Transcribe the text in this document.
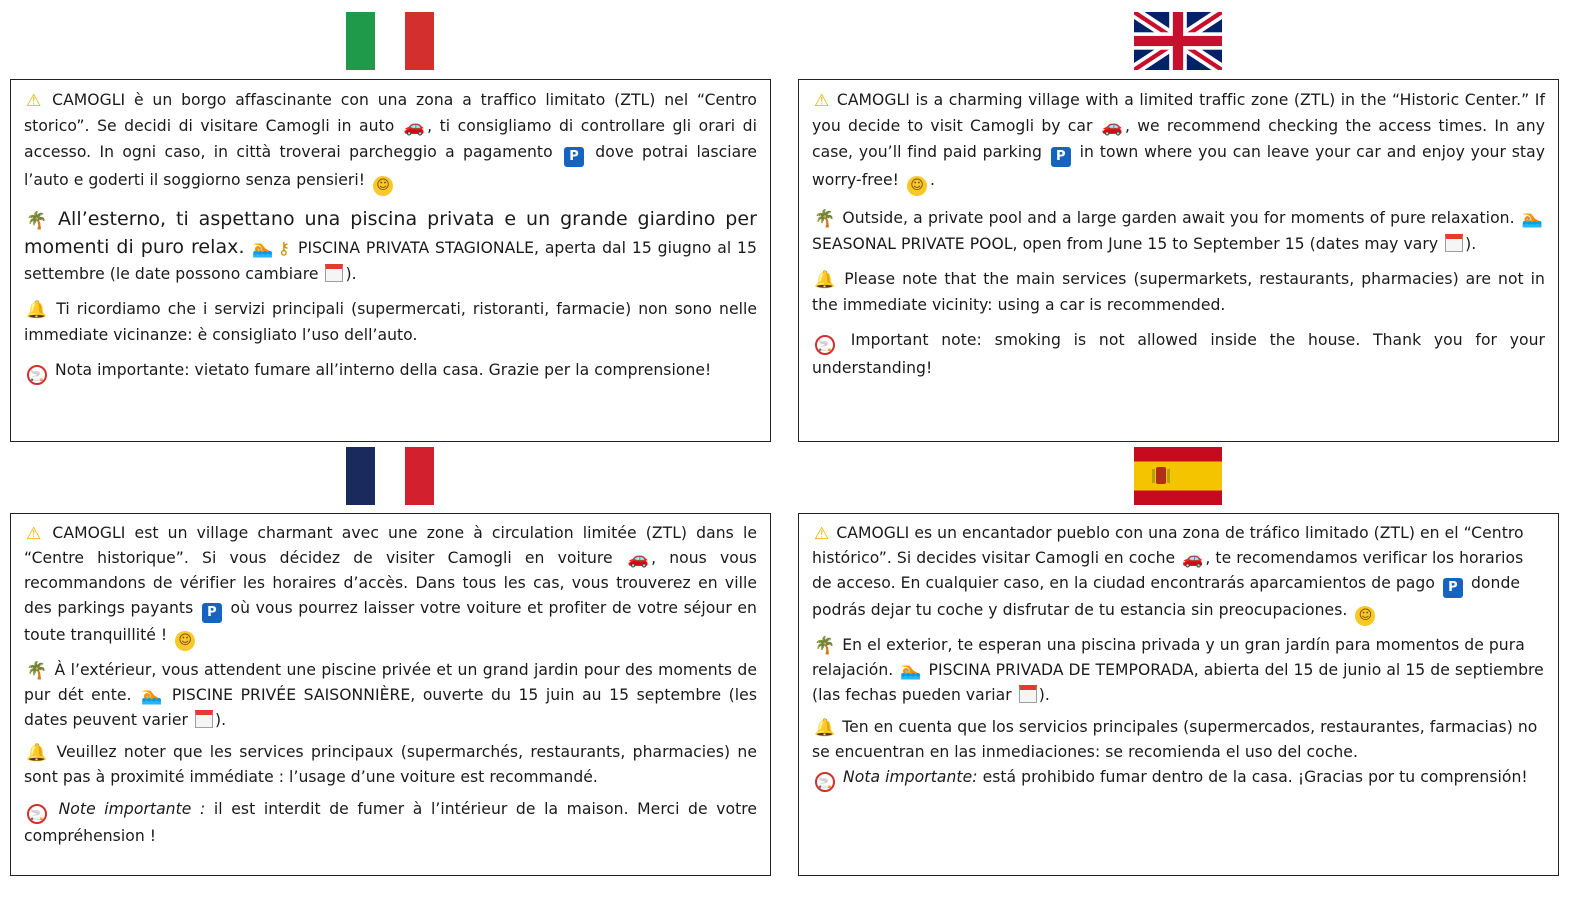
⚠ CAMOGLI è un borgo affascinante con una zona a traffico limitato (ZTL) nel “Centro storico”. Se decidi di visitare Camogli in auto 🚗 , ti consigliamo di controllare gli orari di accesso. In ogni caso, in città troverai parcheggio a pagamento P dove potrai lasciare l’auto e goderti il soggiorno senza pensieri! ☺

🌴 All’esterno, ti aspettano una piscina privata e un grande giardino per momenti di puro relax. 🏊 ⚷ PISCINA PRIVATA STAGIONALE, aperta dal 15 giugno al 15 settembre (le date possono cambiare ).

🔔 Ti ricordiamo che i servizi principali (supermercati, ristoranti, farmacie) non sono nelle immediate vicinanze: è consigliato l’uso dell’auto.

🚬 Nota importante: vietato fumare all’interno della casa. Grazie per la comprensione!

⚠ CAMOGLI is a charming village with a limited traffic zone (ZTL) in the “Historic Center.” If you decide to visit Camogli by car 🚗 , we recommend checking the access times. In any case, you’ll find paid parking P in town where you can leave your car and enjoy your stay worry-free! ☺ .

🌴 Outside, a private pool and a large garden await you for moments of pure relaxation. 🏊 SEASONAL PRIVATE POOL, open from June 15 to September 15 (dates may vary ).

🔔 Please note that the main services (supermarkets, restaurants, pharmacies) are not in the immediate vicinity: using a car is recommended.

🚬 Important note: smoking is not allowed inside the house. Thank you for your understanding!

⚠ CAMOGLI est un village charmant avec une zone à circulation limitée (ZTL) dans le “Centre historique”. Si vous décidez de visiter Camogli en voiture 🚗 , nous vous recommandons de vérifier les horaires d’accès. Dans tous les cas, vous trouverez en ville des parkings payants P où vous pourrez laisser votre voiture et profiter de votre séjour en toute tranquillité ! ☺

🌴 À l’extérieur, vous attendent une piscine privée et un grand jardin pour des moments de pur dét ente. 🏊 PISCINE PRIVÉE SAISONNIÈRE, ouverte du 15 juin au 15 septembre (les dates peuvent varier ).

🔔 Veuillez noter que les services principaux (supermarchés, restaurants, pharmacies) ne sont pas à proximité immédiate : l’usage d’une voiture est recommandé.

🚬 Note importante : il est interdit de fumer à l’intérieur de la maison. Merci de votre compréhension !

⚠ CAMOGLI es un encantador pueblo con una zona de tráfico limitado (ZTL) en el “Centro histórico”. Si decides visitar Camogli en coche 🚗 , te recomendamos verificar los horarios de acceso. En cualquier caso, en la ciudad encontrarás aparcamientos de pago P donde podrás dejar tu coche y disfrutar de tu estancia sin preocupaciones. ☺

🌴 En el exterior, te esperan una piscina privada y un gran jardín para momentos de pura relajación. 🏊 PISCINA PRIVADA DE TEMPORADA, abierta del 15 de junio al 15 de septiembre (las fechas pueden variar ).

🔔 Ten en cuenta que los servicios principales (supermercados, restaurantes, farmacias) no se encuentran en las inmediaciones: se recomienda el uso del coche.

🚬 Nota importante: está prohibido fumar dentro de la casa. ¡Gracias por tu comprensión!
